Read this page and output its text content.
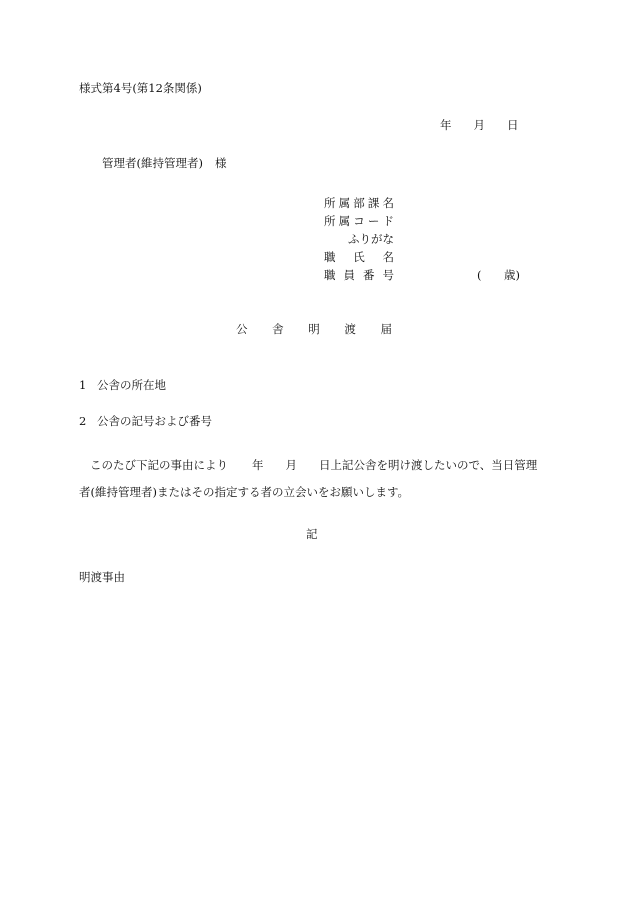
様式第4号(第12条関係)
年 月 日
管理者(維持管理者) 様
所属部課名
所属コード
ふりがな
職氏名
職員番号	( 歳)
公 舎 明 渡 届
1 公舎の所在地
2 公舎の記号および番号
このたび下記の事由により 年 月 日上記公舎を明け渡したいので、当日管理
者(維持管理者)またはその指定する者の立会いをお願いします。
記
明渡事由
